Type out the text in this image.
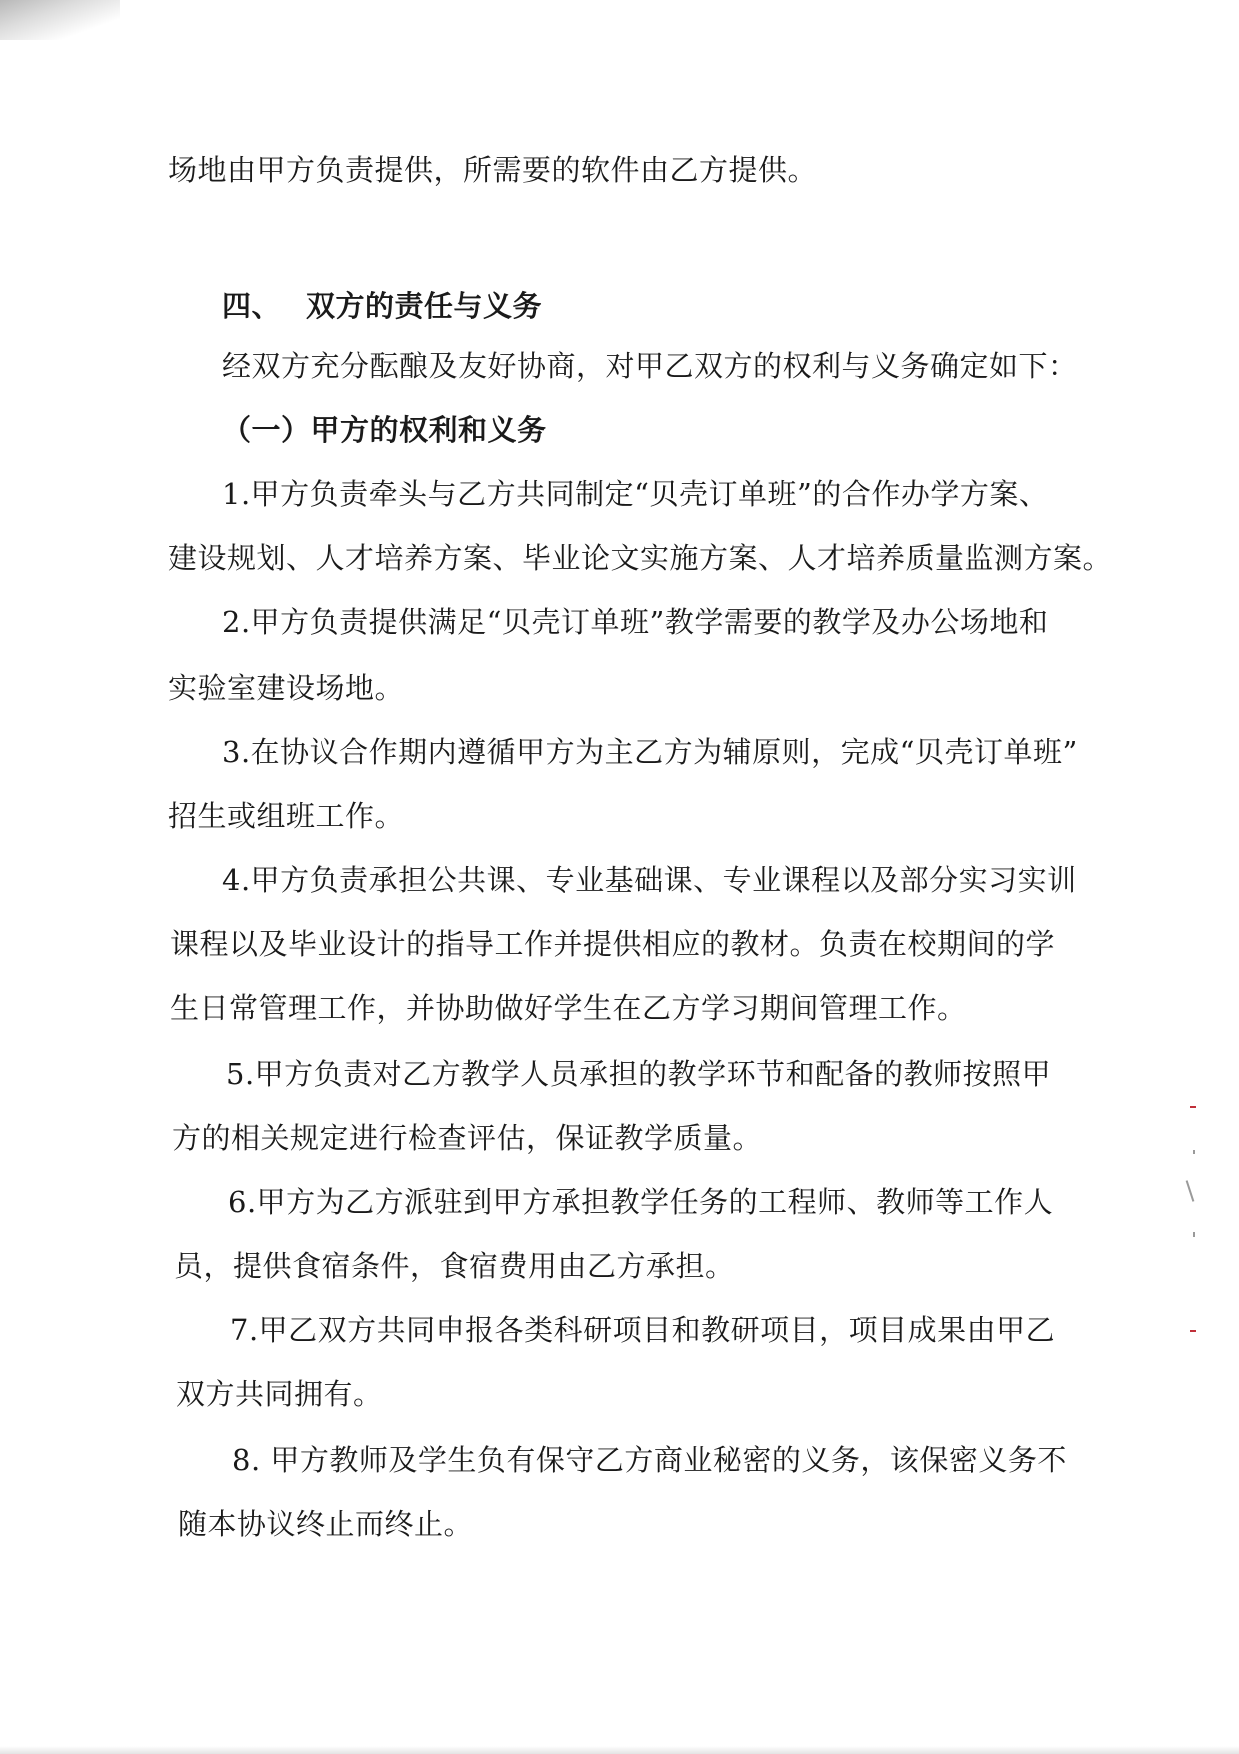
场地由甲方负责提供，所需要的软件由乙方提供。
四、 双方的责任与义务
经双方充分酝酿及友好协商，对甲乙双方的权利与义务确定如下：
（一）甲方的权利和义务
1.甲方负责牵头与乙方共同制定“贝壳订单班”的合作办学方案、
建设规划、人才培养方案、毕业论文实施方案、人才培养质量监测方案。
2.甲方负责提供满足“贝壳订单班”教学需要的教学及办公场地和
实验室建设场地。
3.在协议合作期内遵循甲方为主乙方为辅原则，完成“贝壳订单班”
招生或组班工作。
4.甲方负责承担公共课、专业基础课、专业课程以及部分实习实训
课程以及毕业设计的指导工作并提供相应的教材。负责在校期间的学
生日常管理工作，并协助做好学生在乙方学习期间管理工作。
5.甲方负责对乙方教学人员承担的教学环节和配备的教师按照甲
方的相关规定进行检查评估，保证教学质量。
6.甲方为乙方派驻到甲方承担教学任务的工程师、教师等工作人
员，提供食宿条件，食宿费用由乙方承担。
7.甲乙双方共同申报各类科研项目和教研项目，项目成果由甲乙
双方共同拥有。
8. 甲方教师及学生负有保守乙方商业秘密的义务，该保密义务不
随本协议终止而终止。
